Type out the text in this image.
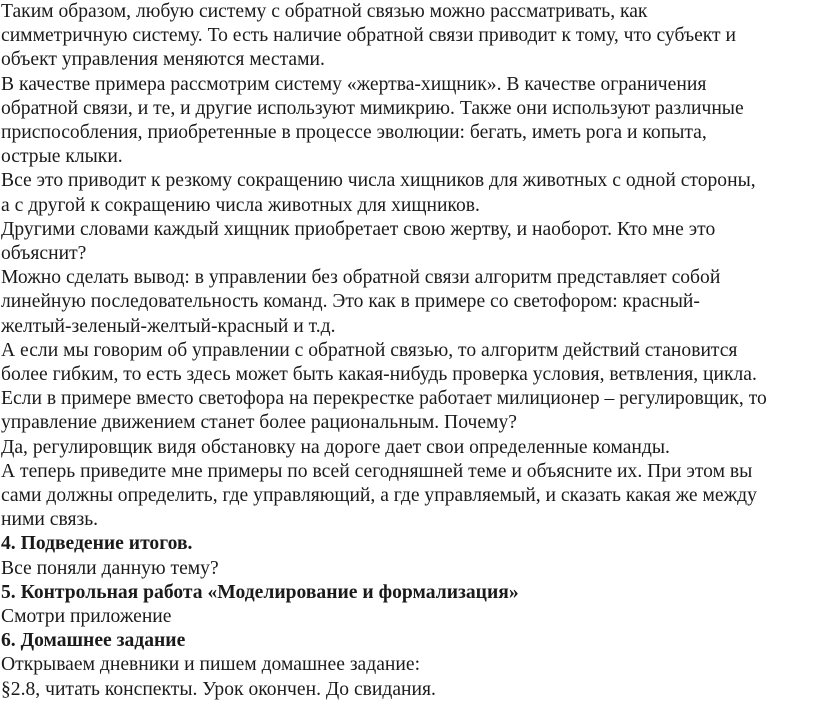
Таким образом, любую систему с обратной связью можно рассматривать, как
симметричную систему. То есть наличие обратной связи приводит к тому, что субъект и
объект управления меняются местами.

В качестве примера рассмотрим систему «жертва-хищник». В качестве ограничения
обратной связи, и те, и другие используют мимикрию. Также они используют различные
приспособления, приобретенные в процессе эволюции: бегать, иметь рога и копыта,
острые клыки.

Все это приводит к резкому сокращению числа хищников для животных с одной стороны,
а с другой к сокращению числа животных для хищников.

Другими словами каждый хищник приобретает свою жертву, и наоборот. Кто мне это
объяснит?

Можно сделать вывод: в управлении без обратной связи алгоритм представляет собой
линейную последовательность команд. Это как в примере со светофором: красный-
желтый-зеленый-желтый-красный и т.д.

А если мы говорим об управлении с обратной связью, то алгоритм действий становится
более гибким, то есть здесь может быть какая-нибудь проверка условия, ветвления, цикла.

Если в примере вместо светофора на перекрестке работает милиционер – регулировщик, то
управление движением станет более рациональным. Почему?

Да, регулировщик видя обстановку на дороге дает свои определенные команды.

А теперь приведите мне примеры по всей сегодняшней теме и объясните их. При этом вы
сами должны определить, где управляющий, а где управляемый, и сказать какая же между
ними связь.

4. Подведение итогов.

Все поняли данную тему?

5. Контрольная работа «Моделирование и формализация»

Смотри приложение

6. Домашнее задание

Открываем дневники и пишем домашнее задание:

§2.8, читать конспекты. Урок окончен. До свидания.
